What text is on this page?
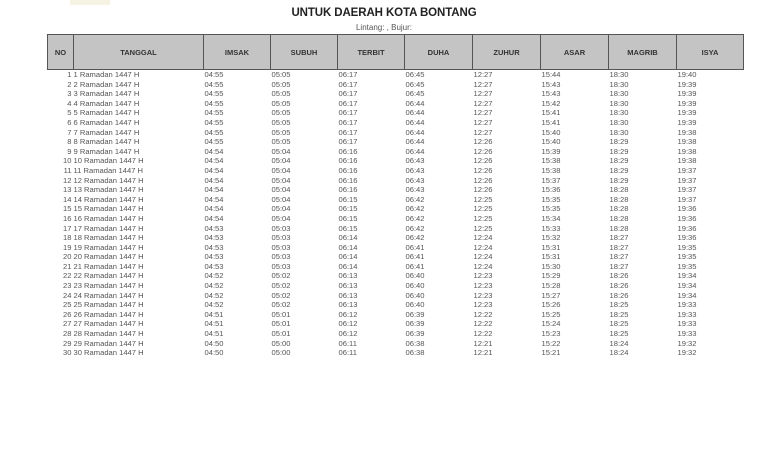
UNTUK DAERAH KOTA BONTANG
Lintang: , Bujur:
NO	TANGGAL	IMSAK	SUBUH	TERBIT	DUHA	ZUHUR	ASAR	MAGRIB	ISYA
1	1 Ramadan 1447 H	04:55	05:05	06:17	06:45	12:27	15:44	18:30	19:40
2	2 Ramadan 1447 H	04:55	05:05	06:17	06:45	12:27	15:43	18:30	19:39
3	3 Ramadan 1447 H	04:55	05:05	06:17	06:45	12:27	15:43	18:30	19:39
4	4 Ramadan 1447 H	04:55	05:05	06:17	06:44	12:27	15:42	18:30	19:39
5	5 Ramadan 1447 H	04:55	05:05	06:17	06:44	12:27	15:41	18:30	19:39
6	6 Ramadan 1447 H	04:55	05:05	06:17	06:44	12:27	15:41	18:30	19:39
7	7 Ramadan 1447 H	04:55	05:05	06:17	06:44	12:27	15:40	18:30	19:38
8	8 Ramadan 1447 H	04:55	05:05	06:17	06:44	12:26	15:40	18:29	19:38
9	9 Ramadan 1447 H	04:54	05:04	06:16	06:44	12:26	15:39	18:29	19:38
10	10 Ramadan 1447 H	04:54	05:04	06:16	06:43	12:26	15:38	18:29	19:38
11	11 Ramadan 1447 H	04:54	05:04	06:16	06:43	12:26	15:38	18:29	19:37
12	12 Ramadan 1447 H	04:54	05:04	06:16	06:43	12:26	15:37	18:29	19:37
13	13 Ramadan 1447 H	04:54	05:04	06:16	06:43	12:26	15:36	18:28	19:37
14	14 Ramadan 1447 H	04:54	05:04	06:15	06:42	12:25	15:35	18:28	19:37
15	15 Ramadan 1447 H	04:54	05:04	06:15	06:42	12:25	15:35	18:28	19:36
16	16 Ramadan 1447 H	04:54	05:04	06:15	06:42	12:25	15:34	18:28	19:36
17	17 Ramadan 1447 H	04:53	05:03	06:15	06:42	12:25	15:33	18:28	19:36
18	18 Ramadan 1447 H	04:53	05:03	06:14	06:42	12:24	15:32	18:27	19:36
19	19 Ramadan 1447 H	04:53	05:03	06:14	06:41	12:24	15:31	18:27	19:35
20	20 Ramadan 1447 H	04:53	05:03	06:14	06:41	12:24	15:31	18:27	19:35
21	21 Ramadan 1447 H	04:53	05:03	06:14	06:41	12:24	15:30	18:27	19:35
22	22 Ramadan 1447 H	04:52	05:02	06:13	06:40	12:23	15:29	18:26	19:34
23	23 Ramadan 1447 H	04:52	05:02	06:13	06:40	12:23	15:28	18:26	19:34
24	24 Ramadan 1447 H	04:52	05:02	06:13	06:40	12:23	15:27	18:26	19:34
25	25 Ramadan 1447 H	04:52	05:02	06:13	06:40	12:23	15:26	18:25	19:33
26	26 Ramadan 1447 H	04:51	05:01	06:12	06:39	12:22	15:25	18:25	19:33
27	27 Ramadan 1447 H	04:51	05:01	06:12	06:39	12:22	15:24	18:25	19:33
28	28 Ramadan 1447 H	04:51	05:01	06:12	06:39	12:22	15:23	18:25	19:33
29	29 Ramadan 1447 H	04:50	05:00	06:11	06:38	12:21	15:22	18:24	19:32
30	30 Ramadan 1447 H	04:50	05:00	06:11	06:38	12:21	15:21	18:24	19:32
